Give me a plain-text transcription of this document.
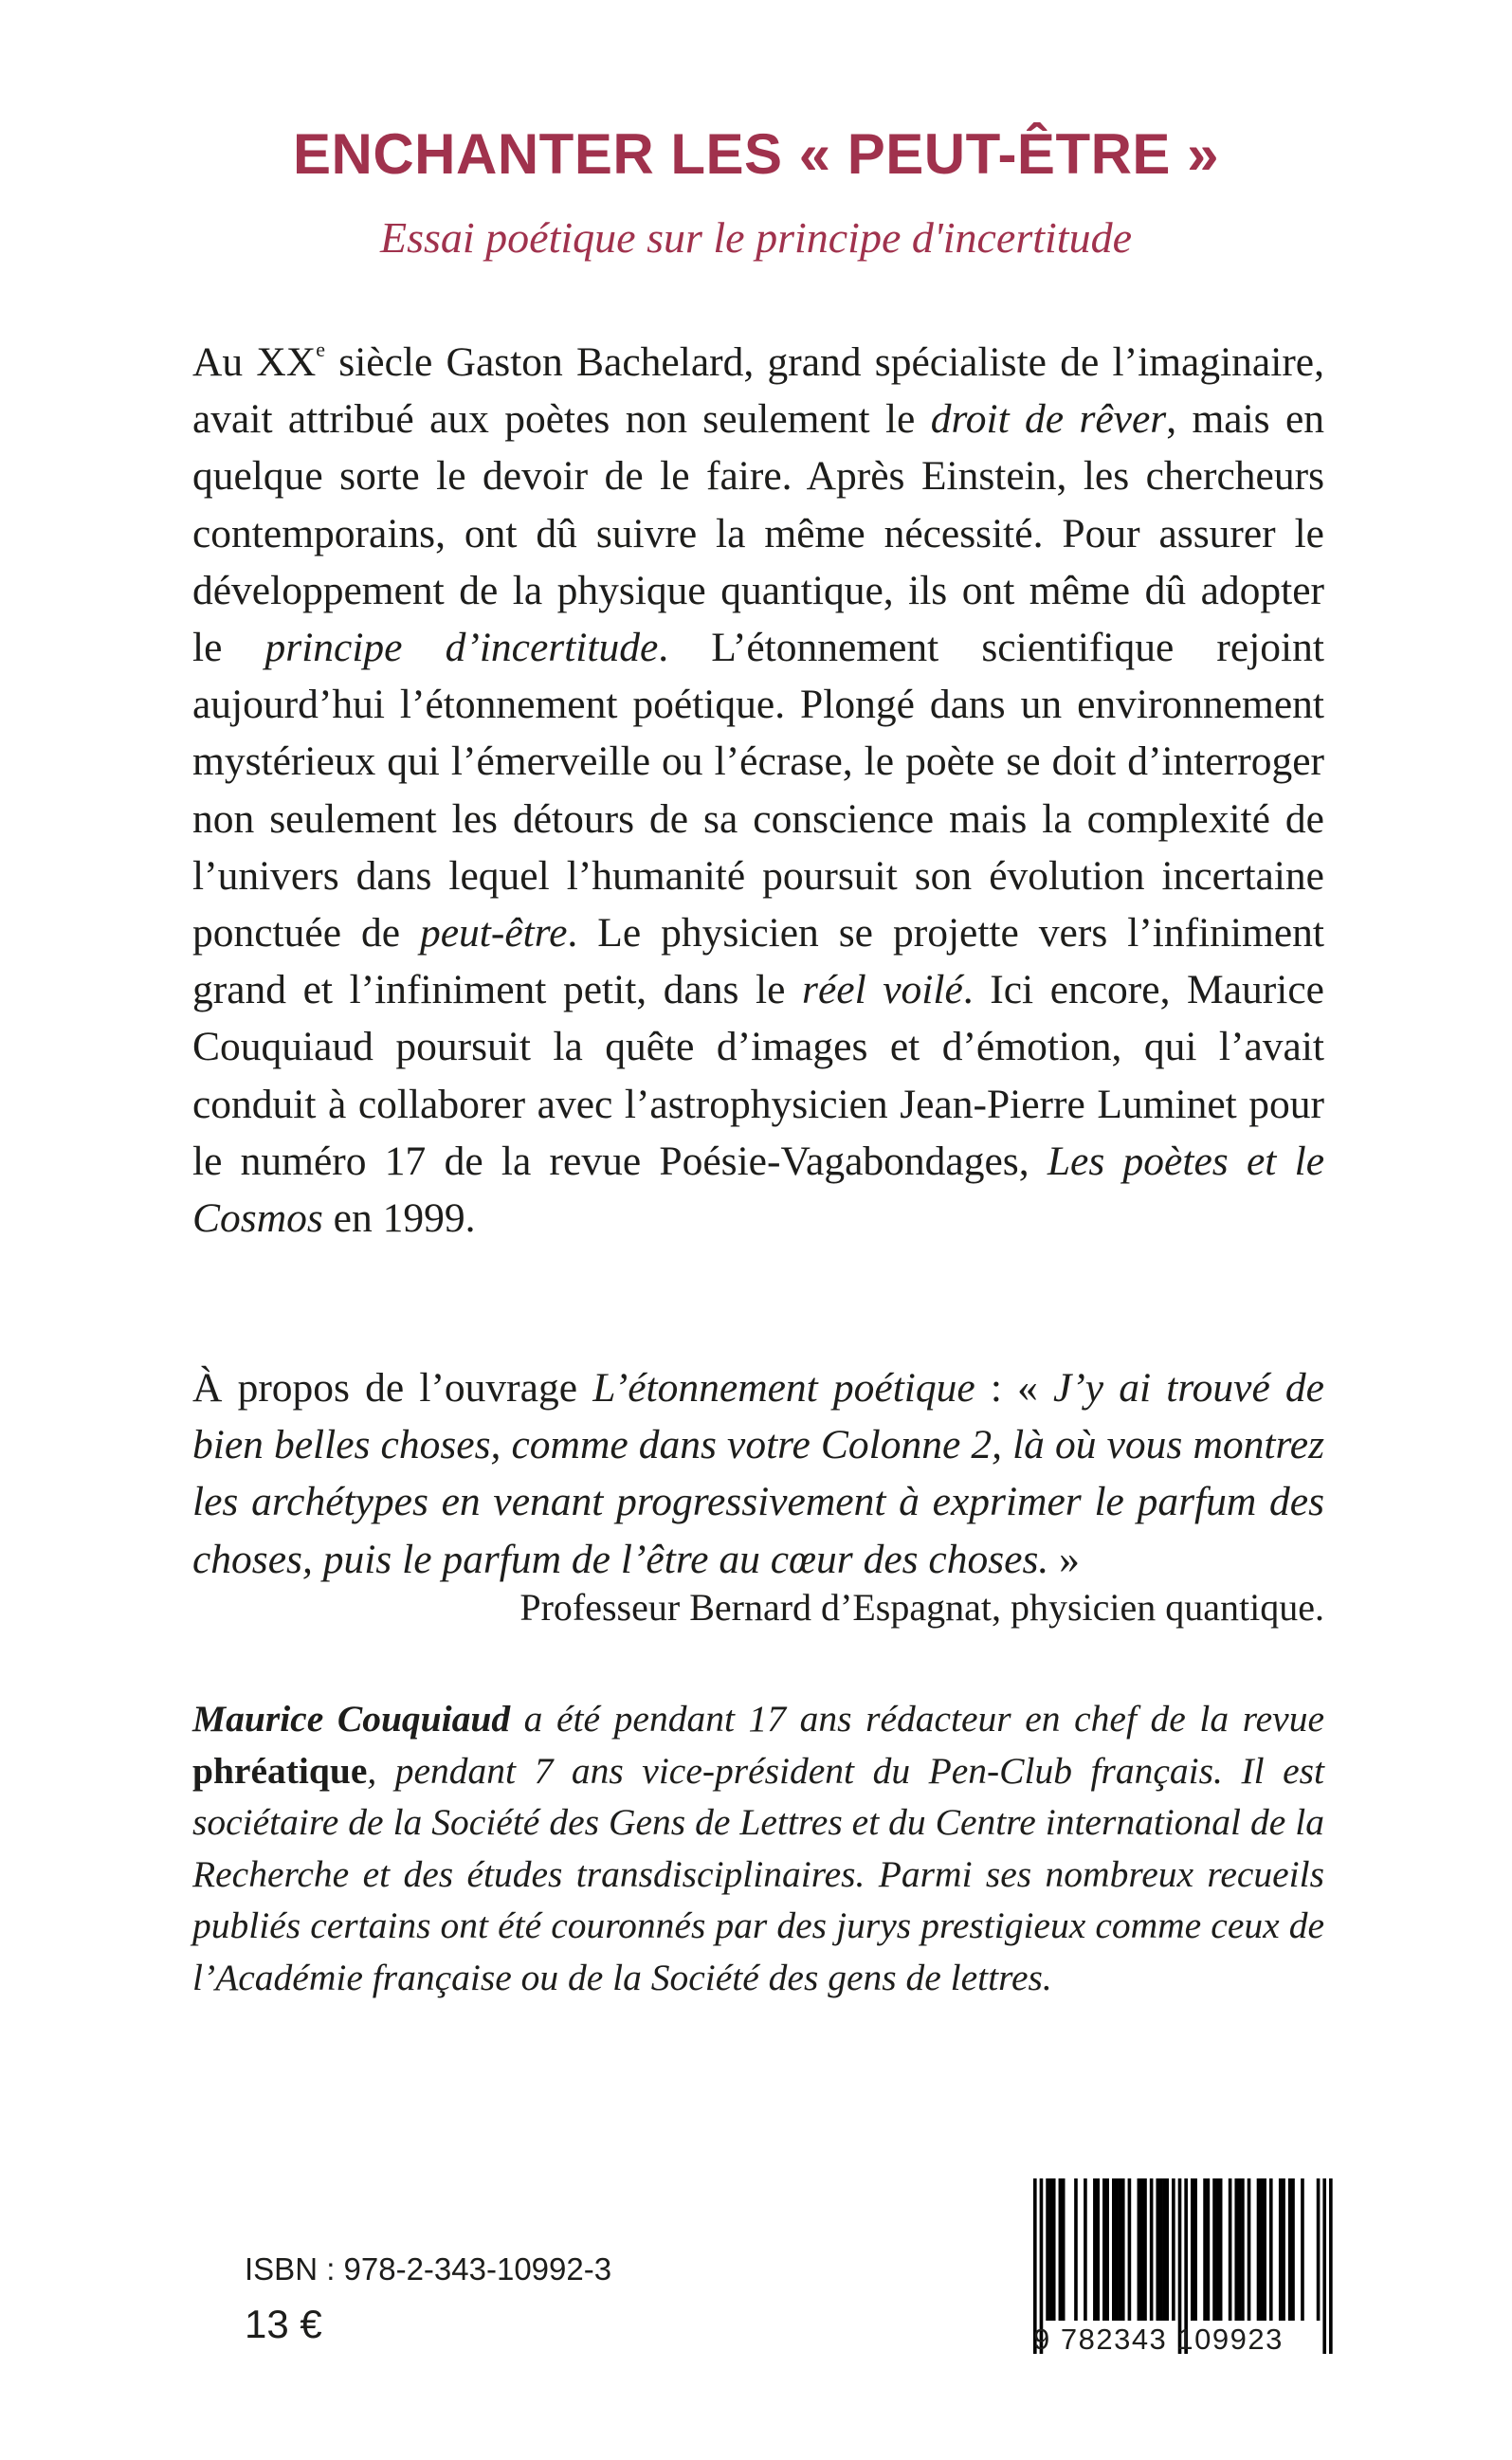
ENCHANTER LES « PEUT-ÊTRE »
Essai poétique sur le principe d'incertitude

Au XXe siècle Gaston Bachelard, grand spécialiste de l’imaginaire, avait attribué aux poètes non seulement le droit de rêver, mais en quelque sorte le devoir de le faire. Après Einstein, les chercheurs contemporains, ont dû suivre la même nécessité. Pour assurer le développement de la physique quantique, ils ont même dû adopter le principe d’incertitude. L’étonnement scientifique rejoint aujourd’hui l’étonnement poétique. Plongé dans un environnement mystérieux qui l’émerveille ou l’écrase, le poète se doit d’interroger non seulement les détours de sa conscience mais la complexité de l’univers dans lequel l’humanité poursuit son évolution incertaine ponctuée de peut-être. Le physicien se projette vers l’infiniment grand et l’infiniment petit, dans le réel voilé. Ici encore, Maurice Couquiaud poursuit la quête d’images et d’émotion, qui l’avait conduit à collaborer avec l’astrophysicien Jean-Pierre Luminet pour le numéro 17 de la revue Poésie-Vagabondages, Les poètes et le Cosmos en 1999.

À propos de l’ouvrage L’étonnement poétique : « J’y ai trouvé de bien belles choses, comme dans votre Colonne 2, là où vous montrez les archétypes en venant progressivement à exprimer le parfum des choses, puis le parfum de l’être au cœur des choses. »

Professeur Bernard d’Espagnat, physicien quantique.

Maurice Couquiaud a été pendant 17 ans rédacteur en chef de la revue phréatique, pendant 7 ans vice-président du Pen-Club français. Il est sociétaire de la Société des Gens de Lettres et du Centre international de la Recherche et des études transdisciplinaires. Parmi ses nombreux recueils publiés certains ont été couronnés par des jurys prestigieux comme ceux de l’Académie française ou de la Société des gens de lettres.

ISBN : 978-2-343-10992-3
13 €	9 782343 109923
